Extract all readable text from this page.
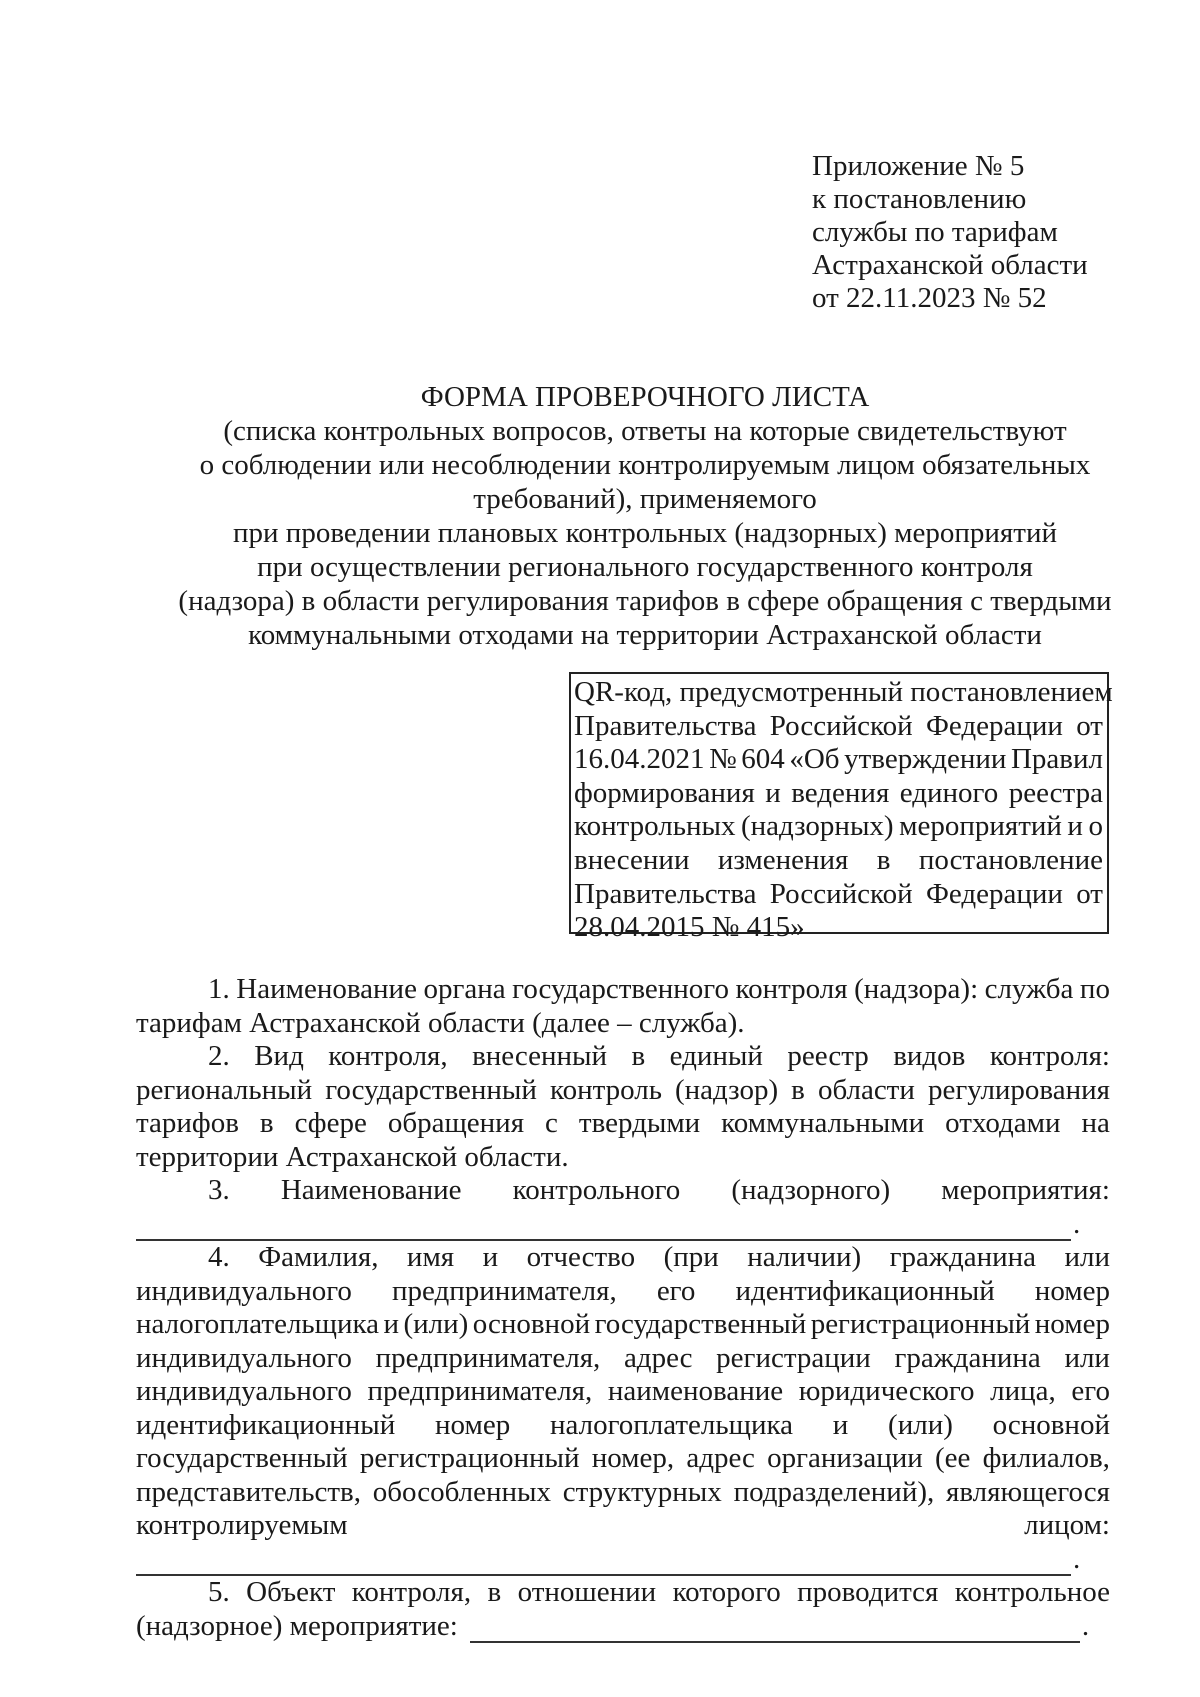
Приложение № 5
к постановлению
службы по тарифам
Астраханской области
от 22.11.2023 № 52
ФОРМА ПРОВЕРОЧНОГО ЛИСТА
(списка контрольных вопросов, ответы на которые свидетельствуют
о соблюдении или несоблюдении контролируемым лицом обязательных
требований), применяемого
при проведении плановых контрольных (надзорных) мероприятий
при осуществлении регионального государственного контроля
(надзора) в области регулирования тарифов в сфере обращения с твердыми
коммунальными отходами на территории Астраханской области
QR-код, предусмотренный постановлением
Правительства Российской Федерации от
16.04.2021 № 604 «Об утверждении Правил
формирования и ведения единого реестра
контрольных (надзорных) мероприятий и о
внесении изменения в постановление
Правительства Российской Федерации от
28.04.2015 № 415»
1. Наименование органа государственного контроля (надзора): служба по
тарифам Астраханской области (далее – служба).
2. Вид контроля, внесенный в единый реестр видов контроля:
региональный государственный контроль (надзор) в области регулирования
тарифов в сфере обращения с твердыми коммунальными отходами на
территории Астраханской области.
3. Наименование контрольного (надзорного) мероприятия:
.
4. Фамилия, имя и отчество (при наличии) гражданина или
индивидуального предпринимателя, его идентификационный номер
налогоплательщика и (или) основной государственный регистрационный номер
индивидуального предпринимателя, адрес регистрации гражданина или
индивидуального предпринимателя, наименование юридического лица, его
идентификационный номер налогоплательщика и (или) основной
государственный регистрационный номер, адрес организации (ее филиалов,
представительств, обособленных структурных подразделений), являющегося
контролируемым	лицом:
.
5. Объект контроля, в отношении которого проводится контрольное
(надзорное) мероприятие:	.
